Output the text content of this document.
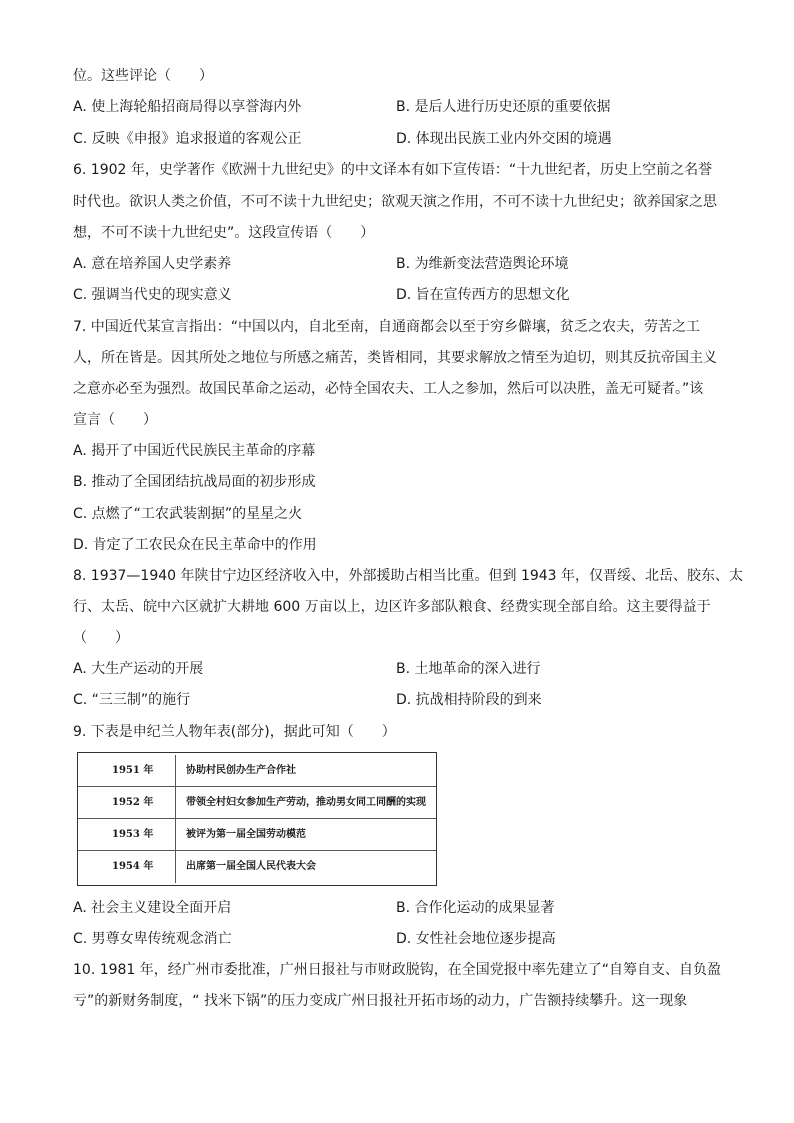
位。这些评论（　　）
A. 使上海轮船招商局得以享誉海内外	B. 是后人进行历史还原的重要依据
C. 反映《申报》追求报道的客观公正	D. 体现出民族工业内外交困的境遇
6. 1902 年，史学著作《欧洲十九世纪史》的中文译本有如下宣传语：“十九世纪者，历史上空前之名誉
时代也。欲识人类之价值，不可不读十九世纪史；欲观天演之作用，不可不读十九世纪史；欲养国家之思
想，不可不读十九世纪史”。这段宣传语（　　）
A. 意在培养国人史学素养	B. 为维新变法营造舆论环境
C. 强调当代史的现实意义	D. 旨在宣传西方的思想文化
7. 中国近代某宣言指出：“中国以内，自北至南，自通商都会以至于穷乡僻壤，贫乏之农夫，劳苦之工
人，所在皆是。因其所处之地位与所感之痛苦，类皆相同，其要求解放之情至为迫切，则其反抗帝国主义
之意亦必至为强烈。故国民革命之运动，必恃全国农夫、工人之参加，然后可以决胜，盖无可疑者。”该
宣言（　　）
A. 揭开了中国近代民族民主革命的序幕
B. 推动了全国团结抗战局面的初步形成
C. 点燃了“工农武装割据”的星星之火
D. 肯定了工农民众在民主革命中的作用
8. 1937—1940 年陕甘宁边区经济收入中，外部援助占相当比重。但到 1943 年，仅晋绥、北岳、胶东、太
行、太岳、皖中六区就扩大耕地 600 万亩以上，边区许多部队粮食、经费实现全部自给。这主要得益于
（　　）
A. 大生产运动的开展	B. 土地革命的深入进行
C. “三三制”的施行	D. 抗战相持阶段的到来
9. 下表是申纪兰人物年表(部分)，据此可知（　　）
1951 年	协助村民创办生产合作社
1952 年	带领全村妇女参加生产劳动，推动男女同工同酬的实现
1953 年	被评为第一届全国劳动模范
1954 年	出席第一届全国人民代表大会
A. 社会主义建设全面开启	B. 合作化运动的成果显著
C. 男尊女卑传统观念消亡	D. 女性社会地位逐步提高
10. 1981 年，经广州市委批准，广州日报社与市财政脱钩，在全国党报中率先建立了“自筹自支、自负盈
亏”的新财务制度，“ 找米下锅”的压力变成广州日报社开拓市场的动力，广告额持续攀升。这一现象
